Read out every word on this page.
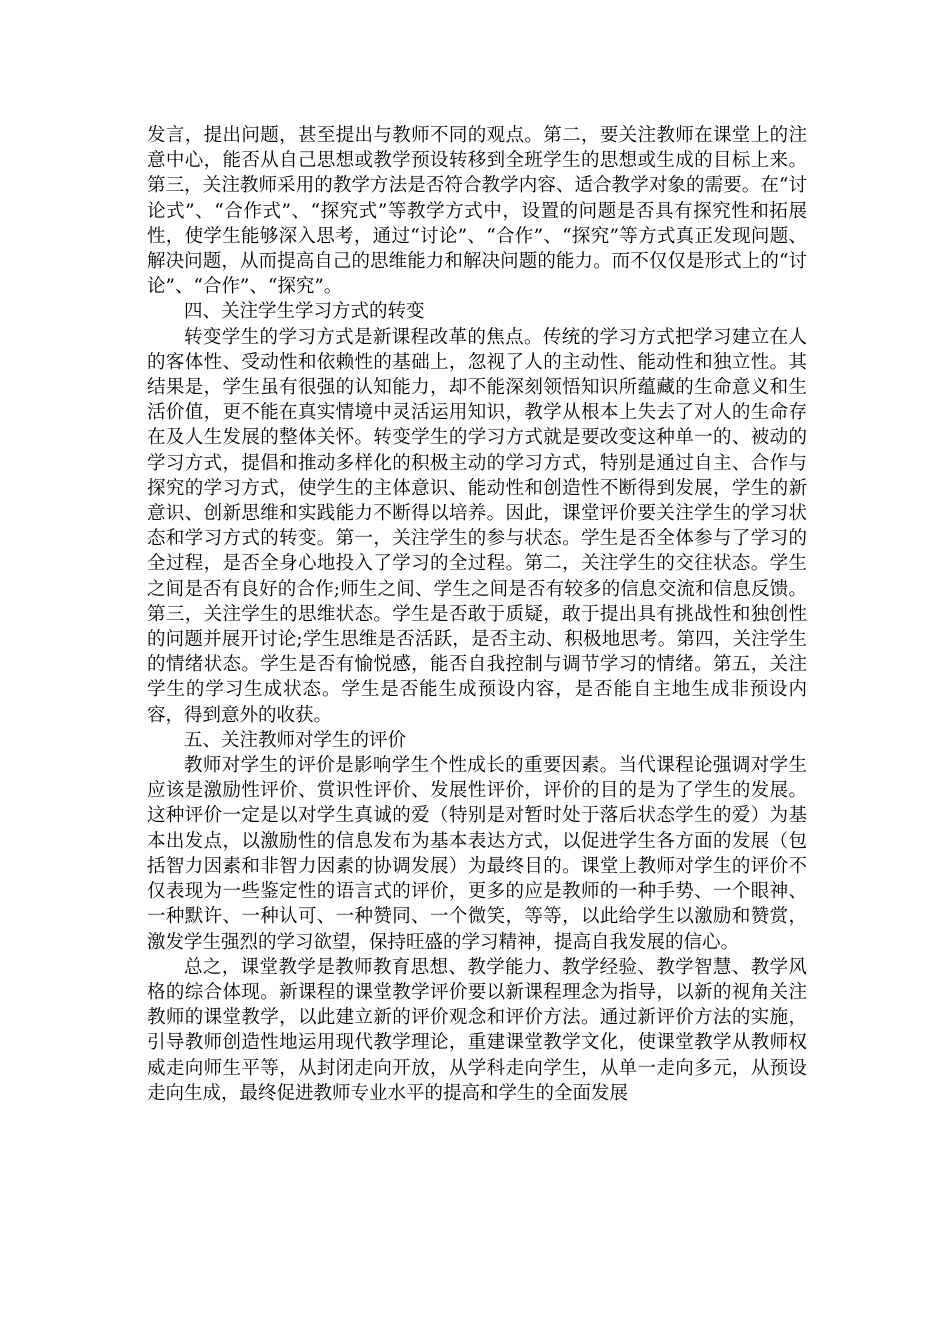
发言，提出问题，甚至提出与教师不同的观点。第二，要关注教师在课堂上的注意中心，能否从自己思想或教学预设转移到全班学生的思想或生成的目标上来。第三，关注教师采用的教学方法是否符合教学内容、适合教学对象的需要。在“讨论式”、“合作式”、“探究式”等教学方式中，设置的问题是否具有探究性和拓展性，使学生能够深入思考，通过“讨论”、“合作”、“探究”等方式真正发现问题、解决问题，从而提高自己的思维能力和解决问题的能力。而不仅仅是形式上的“讨论”、“合作”、“探究”。

四、关注学生学习方式的转变

转变学生的学习方式是新课程改革的焦点。传统的学习方式把学习建立在人的客体性、受动性和依赖性的基础上，忽视了人的主动性、能动性和独立性。其结果是，学生虽有很强的认知能力，却不能深刻领悟知识所蕴藏的生命意义和生活价值，更不能在真实情境中灵活运用知识，教学从根本上失去了对人的生命存在及人生发展的整体关怀。转变学生的学习方式就是要改变这种单一的、被动的学习方式，提倡和推动多样化的积极主动的学习方式，特别是通过自主、合作与探究的学习方式，使学生的主体意识、能动性和创造性不断得到发展，学生的新意识、创新思维和实践能力不断得以培养。因此，课堂评价要关注学生的学习状态和学习方式的转变。第一，关注学生的参与状态。学生是否全体参与了学习的全过程，是否全身心地投入了学习的全过程。第二，关注学生的交往状态。学生之间是否有良好的合作;师生之间、学生之间是否有较多的信息交流和信息反馈。第三，关注学生的思维状态。学生是否敢于质疑，敢于提出具有挑战性和独创性的问题并展开讨论;学生思维是否活跃，是否主动、积极地思考。第四，关注学生的情绪状态。学生是否有愉悦感，能否自我控制与调节学习的情绪。第五，关注学生的学习生成状态。学生是否能生成预设内容，是否能自主地生成非预设内容，得到意外的收获。

五、关注教师对学生的评价

教师对学生的评价是影响学生个性成长的重要因素。当代课程论强调对学生应该是激励性评价、赏识性评价、发展性评价，评价的目的是为了学生的发展。这种评价一定是以对学生真诚的爱（特别是对暂时处于落后状态学生的爱）为基本出发点，以激励性的信息发布为基本表达方式，以促进学生各方面的发展（包括智力因素和非智力因素的协调发展）为最终目的。课堂上教师对学生的评价不仅表现为一些鉴定性的语言式的评价，更多的应是教师的一种手势、一个眼神、一种默许、一种认可、一种赞同、一个微笑，等等，以此给学生以激励和赞赏，激发学生强烈的学习欲望，保持旺盛的学习精神，提高自我发展的信心。

总之，课堂教学是教师教育思想、教学能力、教学经验、教学智慧、教学风格的综合体现。新课程的课堂教学评价要以新课程理念为指导，以新的视角关注教师的课堂教学，以此建立新的评价观念和评价方法。通过新评价方法的实施，引导教师创造性地运用现代教学理论，重建课堂教学文化，使课堂教学从教师权威走向师生平等，从封闭走向开放，从学科走向学生，从单一走向多元，从预设走向生成，最终促进教师专业水平的提高和学生的全面发展
